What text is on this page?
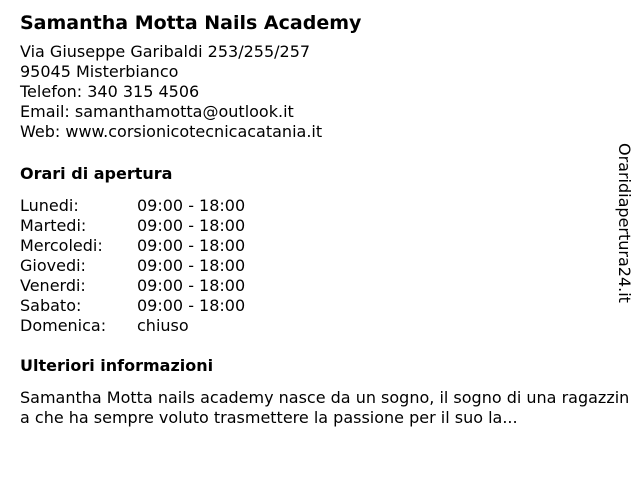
Samantha Motta Nails Academy
Via Giuseppe Garibaldi 253/255/257
95045 Misterbianco
Telefon: 340 315 4506
Email: samanthamotta@outlook.it
Web: www.corsionicotecnicacatania.it
Orari di apertura
Lunedi:	09:00 - 18:00
Martedi:	09:00 - 18:00
Mercoledi:	09:00 - 18:00
Giovedi:	09:00 - 18:00
Venerdi:	09:00 - 18:00
Sabato:	09:00 - 18:00
Domenica:	chiuso
Ulteriori informazioni
Samantha Motta nails academy nasce da un sogno, il sogno di una ragazzina che ha sempre voluto trasmettere la passione per il suo la...
Oraridiapertura24.it
